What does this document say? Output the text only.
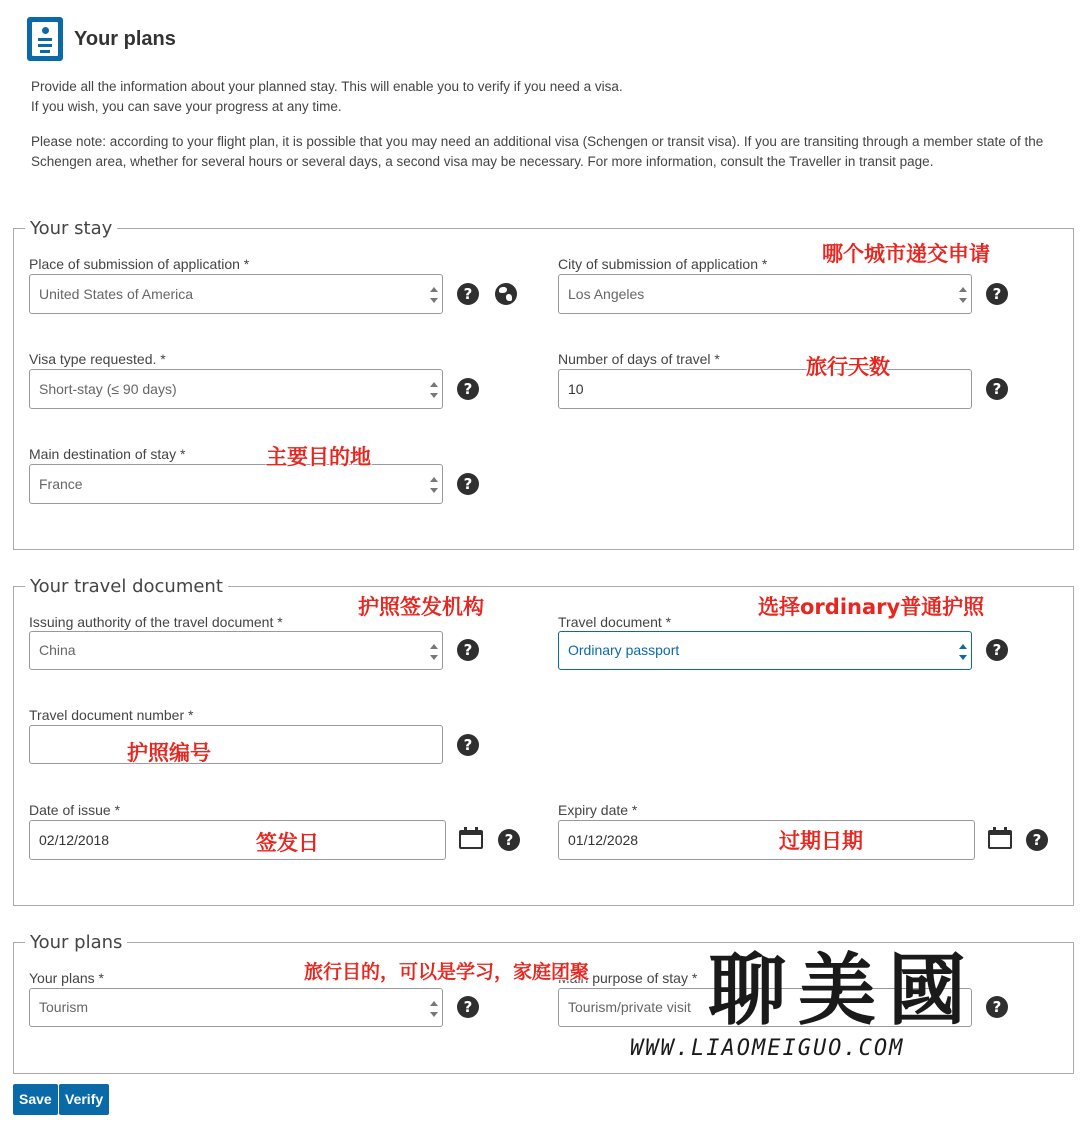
Your plans

Provide all the information about your planned stay. This will enable you to verify if you need a visa.

If you wish, you can save your progress at any time.

Please note: according to your flight plan, it is possible that you may need an additional visa (Schengen or transit visa). If you are transiting through a member state of the Schengen area, whether for several hours or several days, a second visa may be necessary. For more information, consult the Traveller in transit page.

Your stay
Place of submission of application *
United States of America	?
City of submission of application *
Los Angeles	?
Visa type requested. *
Short-stay (≤ 90 days)	?
Number of days of travel *
10	?
Main destination of stay *
France	?
Your travel document
Issuing authority of the travel document *
China	?
Travel document *
Ordinary passport	?
Travel document number *
?
Date of issue *
02/12/2018	?
Expiry date *
01/12/2028	?
Your plans
Your plans *
Tourism	?
Main purpose of stay *
Tourism/private visit	?
哪个城市递交申请
旅行天数
主要目的地
护照签发机构	选择ordinary普通护照
护照编号
签发日	过期日期
旅行目的，可以是学习，家庭团聚 聊美國
WWW.LIAOMEIGUO.COM
Save Verify
